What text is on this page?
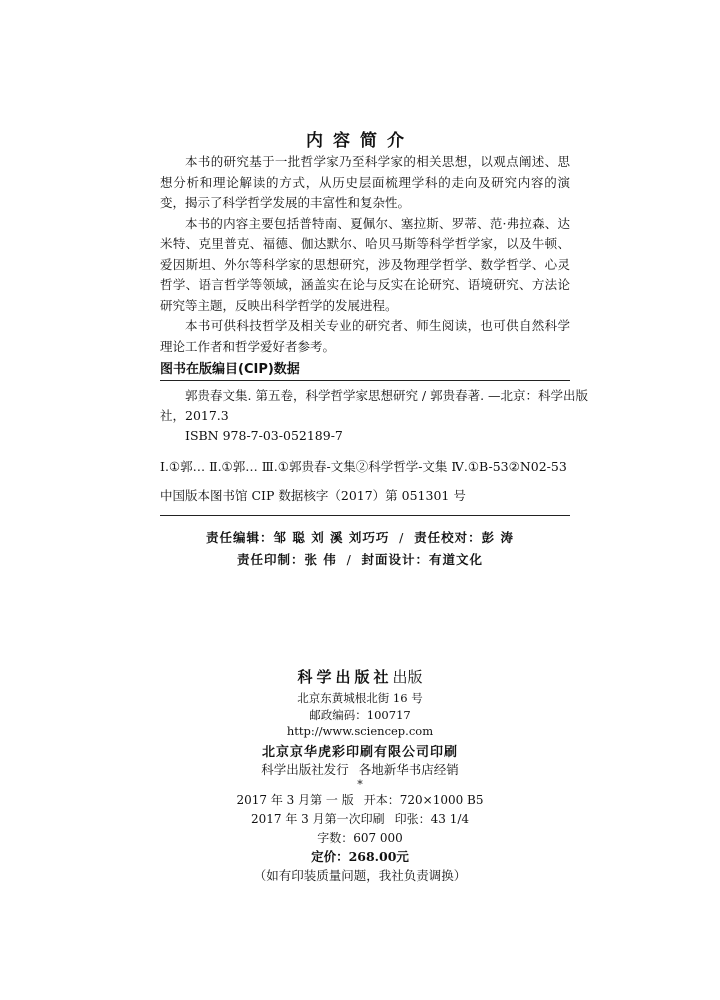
内容简介

本书的研究基于一批哲学家乃至科学家的相关思想，以观点阐述、思想分析和理论解读的方式，从历史层面梳理学科的走向及研究内容的演变，揭示了科学哲学发展的丰富性和复杂性。

本书的内容主要包括普特南、夏佩尔、塞拉斯、罗蒂、范·弗拉森、达米特、克里普克、福德、伽达默尔、哈贝马斯等科学哲学家，以及牛顿、爱因斯坦、外尔等科学家的思想研究，涉及物理学哲学、数学哲学、心灵哲学、语言哲学等领域，涵盖实在论与反实在论研究、语境研究、方法论研究等主题，反映出科学哲学的发展进程。

本书可供科技哲学及相关专业的研究者、师生阅读，也可供自然科学理论工作者和哲学爱好者参考。

图书在版编目(CIP)数据
郭贵春文集. 第五卷，科学哲学家思想研究 / 郭贵春著. —北京：科学出版
社，2017.3
ISBN 978-7-03-052189-7
Ⅰ.①郭… Ⅱ.①郭… Ⅲ.①郭贵春-文集②科学哲学-文集 Ⅳ.①B-53②N02-53
中国版本图书馆 CIP 数据核字（2017）第 051301 号
责任编辑：邹 聪 刘 溪 刘巧巧 / 责任校对：彭 涛
责任印制：张 伟 / 封面设计：有道文化
科学出版社出版
北京东黄城根北街 16 号
邮政编码：100717
http://www.sciencep.com
北京京华虎彩印刷有限公司印刷
科学出版社发行 各地新华书店经销
*
2017 年 3 月第 一 版 开本：720×1000 B5
2017 年 3 月第一次印刷 印张：43 1/4
字数：607 000
定价：268.00元
（如有印装质量问题，我社负责调换）
